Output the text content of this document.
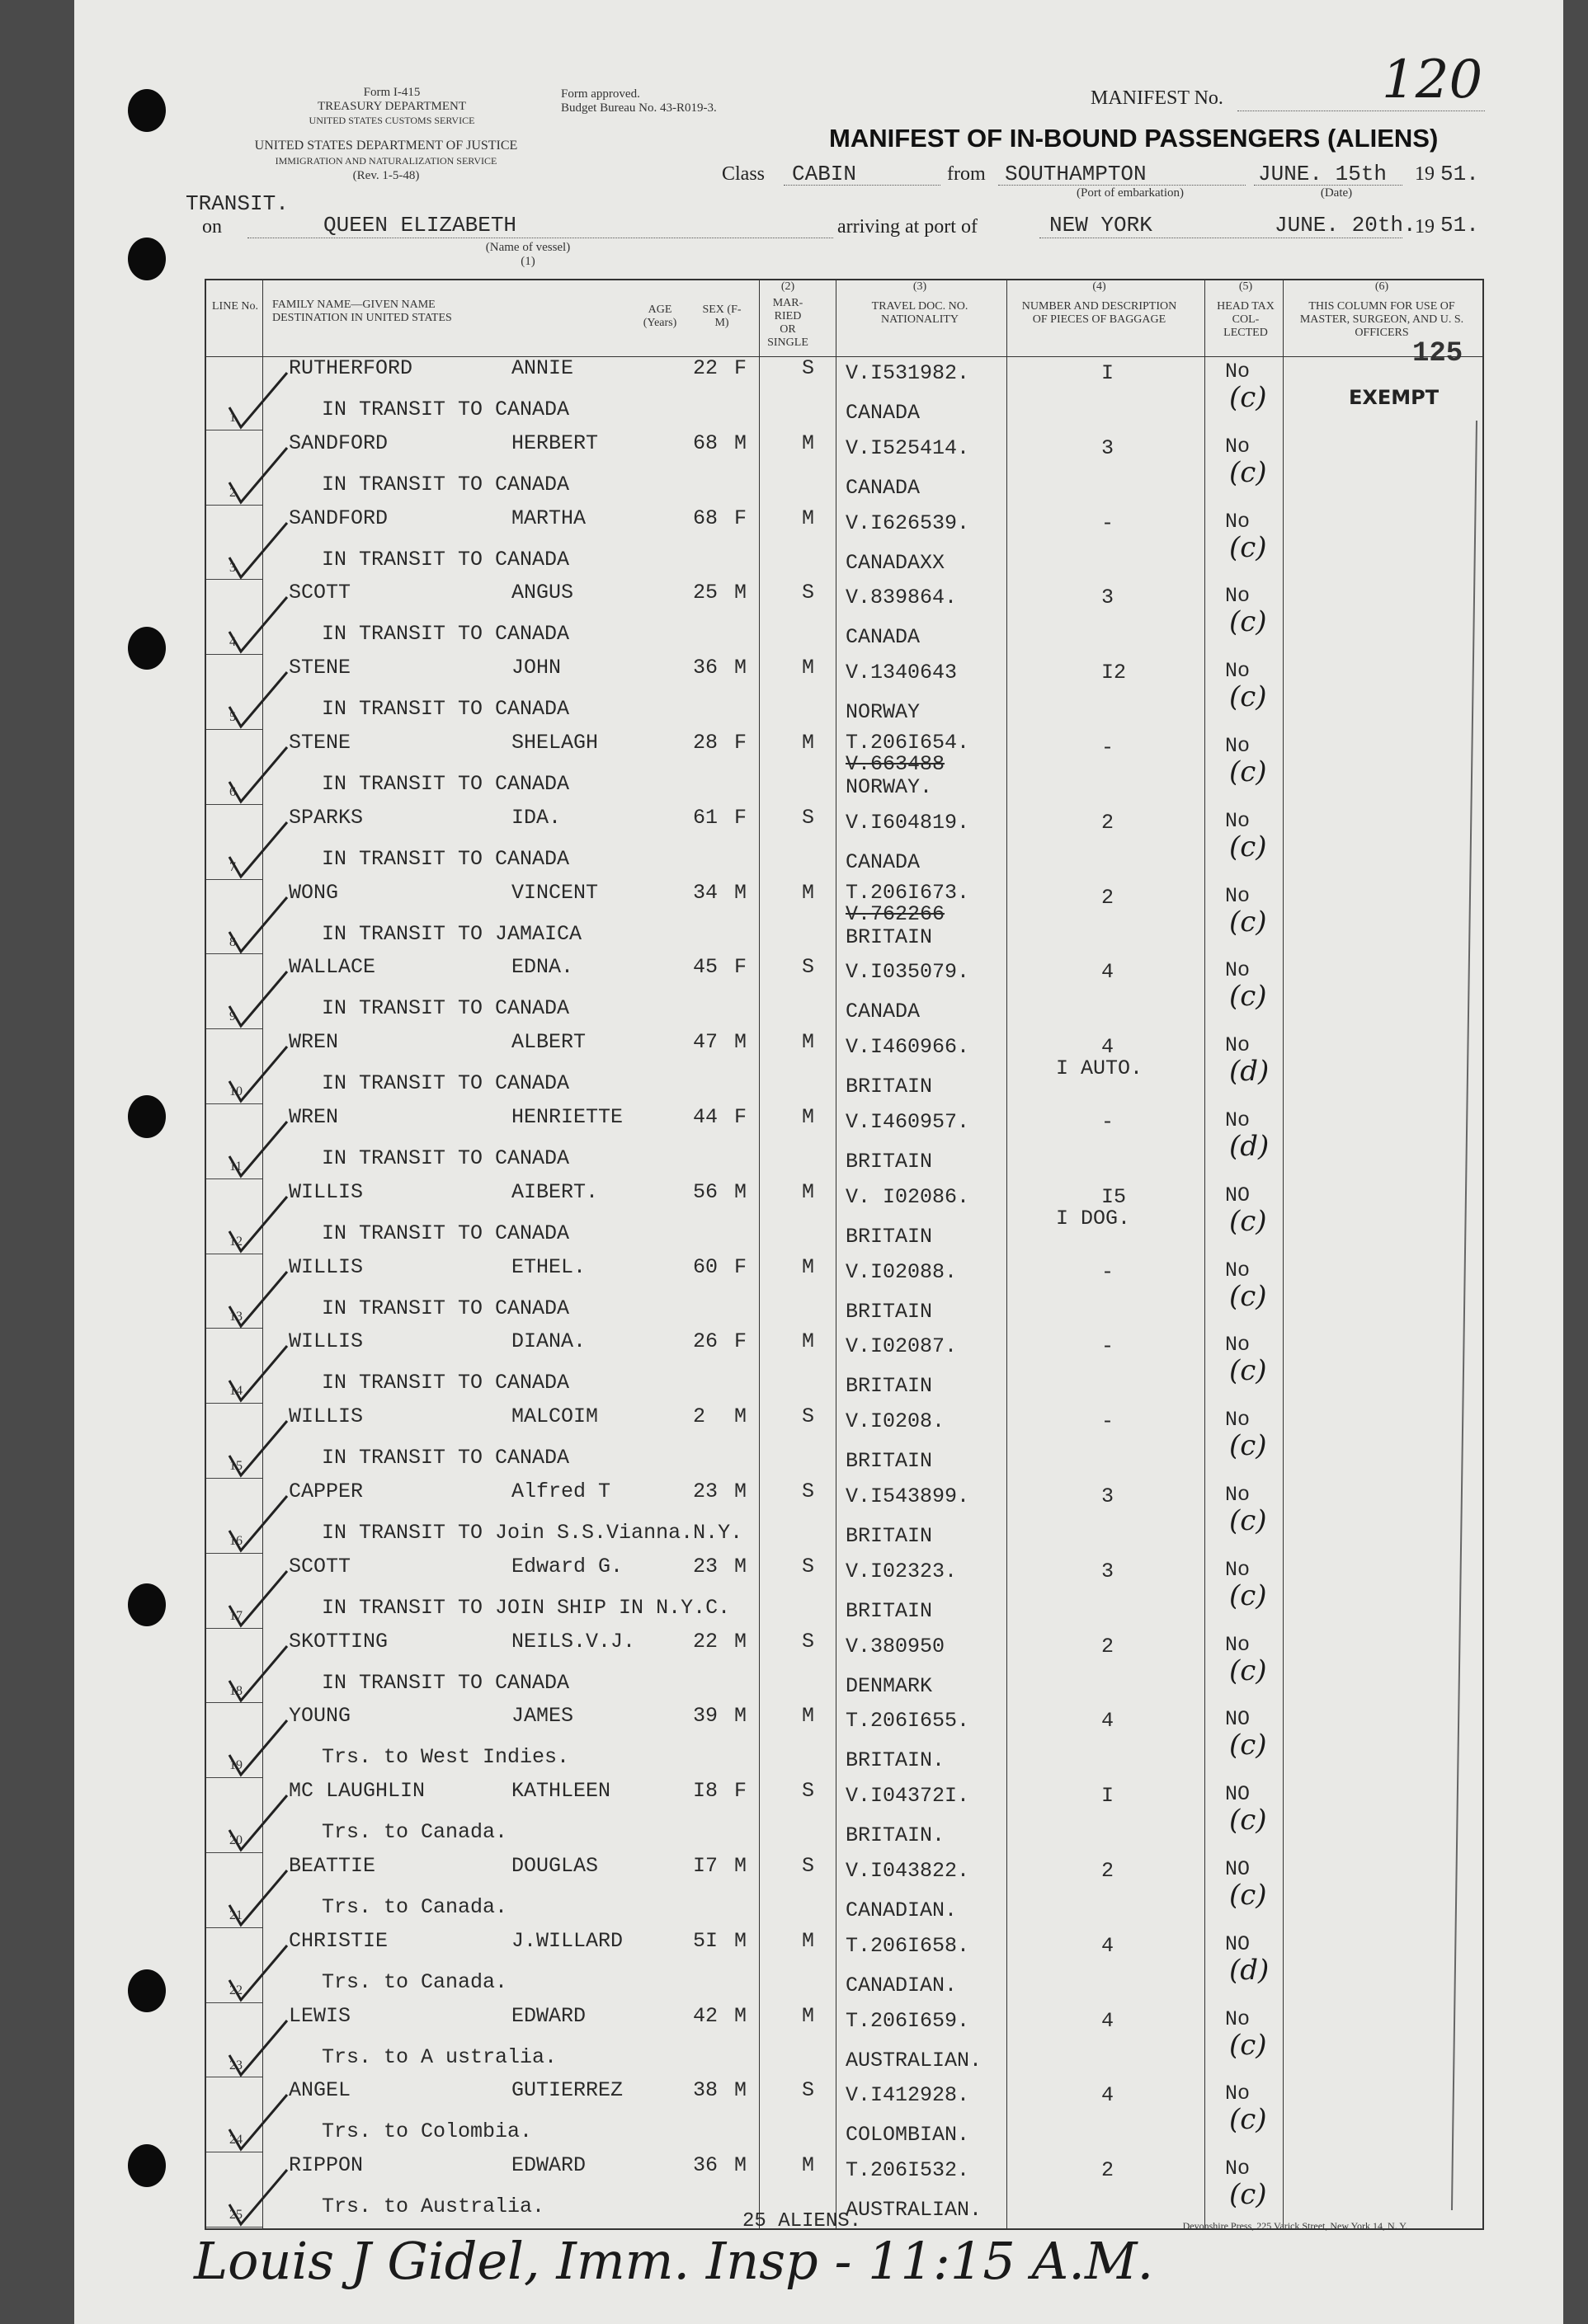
Form I-415
TREASURY DEPARTMENT
UNITED STATES CUSTOMS SERVICE
Form approved.
Budget Bureau No. 43-R019-3.
UNITED STATES DEPARTMENT OF JUSTICE
IMMIGRATION AND NATURALIZATION SERVICE
(Rev. 1-5-48)
MANIFEST No.	120
MANIFEST OF IN-BOUND PASSENGERS (ALIENS)
TRANSIT.
Class CABIN	from SOUTHAMPTON
(Port of embarkation)
JUNE. 15th
(Date)
19 51.
on	QUEEN ELIZABETH
(Name of vessel)
(1)
arriving at port of	NEW YORK	JUNE. 20th.
19 51.
LINE No.	FAMILY NAME—GIVEN NAME
DESTINATION IN UNITED STATES
AGE (Years)
SEX (F-M)
(2)
MAR-RIED OR SINGLE
(3)
TRAVEL DOC. NO. NATIONALITY
(4)
NUMBER AND DESCRIPTION OF PIECES OF BAGGAGE
(5)
HEAD TAX COL-LECTED
(6)
THIS COLUMN FOR USE OF MASTER, SURGEON, AND U. S. OFFICERS
1
RUTHERFORD	ANNIE	22 F	S V.I531982.
CANADA
I	No
(c)
IN TRANSIT TO CANADA
2
SANDFORD	HERBERT	68 M	M V.I525414.
CANADA
3	No
(c)
IN TRANSIT TO CANADA
3
SANDFORD	MARTHA	68 F	M V.I626539.
CANADAXX
-	No
(c)
IN TRANSIT TO CANADA
4
SCOTT	ANGUS	25 M	S V.839864.
CANADA
3	No
(c)
IN TRANSIT TO CANADA
5
STENE	JOHN	36 M	M V.1340643
NORWAY
I2	No
(c)
IN TRANSIT TO CANADA
6
STENE	SHELAGH	28 F	M T.206I654.
V.663488
NORWAY.
-	No
(c)
IN TRANSIT TO CANADA
7
SPARKS	IDA.	61 F	S V.I604819.
CANADA
2	No
(c)
IN TRANSIT TO CANADA
8
WONG	VINCENT	34 M	M T.206I673.
V.762266
BRITAIN
2	No
(c)
IN TRANSIT TO JAMAICA
9
WALLACE	EDNA.	45 F	S V.I035079.
CANADA
4	No
(c)
IN TRANSIT TO CANADA
10
WREN	ALBERT	47 M	M V.I460966.
BRITAIN
4
I AUTO.
No
(d)
IN TRANSIT TO CANADA
11
WREN	HENRIETTE	44 F	M V.I460957.
BRITAIN
-	No
(d)
IN TRANSIT TO CANADA
12
WILLIS	AIBERT.	56 M	M V. I02086.
BRITAIN
I5
I DOG.
NO
(c)
IN TRANSIT TO CANADA
13
WILLIS	ETHEL.	60 F	M V.I02088.
BRITAIN
-	No
(c)
IN TRANSIT TO CANADA
14
WILLIS	DIANA.	26 F	M V.I02087.
BRITAIN
-	No
(c)
IN TRANSIT TO CANADA
15
WILLIS	MALCOIM	2 M	S V.I0208.
BRITAIN
-	No
(c)
IN TRANSIT TO CANADA
16
CAPPER	Alfred T	23 M	S V.I543899.
BRITAIN
3	No
(c)
IN TRANSIT TO Join S.S.Vianna.N.Y.
17
SCOTT	Edward G.	23 M	S V.I02323.
BRITAIN
3	No
(c)
IN TRANSIT TO JOIN SHIP IN N.Y.C.
18
SKOTTING	NEILS.V.J.	22 M	S V.380950
DENMARK
2	No
(c)
IN TRANSIT TO CANADA
19
YOUNG	JAMES	39 M	M T.206I655.
BRITAIN.
4	NO
(c)
Trs. to West Indies.
20
MC LAUGHLIN	KATHLEEN	I8 F	S V.I04372I.
BRITAIN.
I	NO
(c)
Trs. to Canada.
21
BEATTIE	DOUGLAS	I7 M	S V.I043822.
CANADIAN.
2	NO
(c)
Trs. to Canada.
22
CHRISTIE	J.WILLARD	5I M	M T.206I658.
CANADIAN.
4	NO
(d)
Trs. to Canada.
23
LEWIS	EDWARD	42 M	M T.206I659.
AUSTRALIAN.
4	No
(c)
Trs. to A ustralia.
24
ANGEL	GUTIERREZ	38 M	S V.I412928.
COLOMBIAN.
4	No
(c)
Trs. to Colombia.
25
RIPPON	EDWARD	36 M	M T.206I532.
AUSTRALIAN.
2	No
(c)
Trs. to Australia.
125
EXEMPT
25 ALIENS.	Devonshire Press, 225 Varick Street, New York 14, N. Y.
Louis J Gidel, Imm. Insp - 11:15 A.M.
